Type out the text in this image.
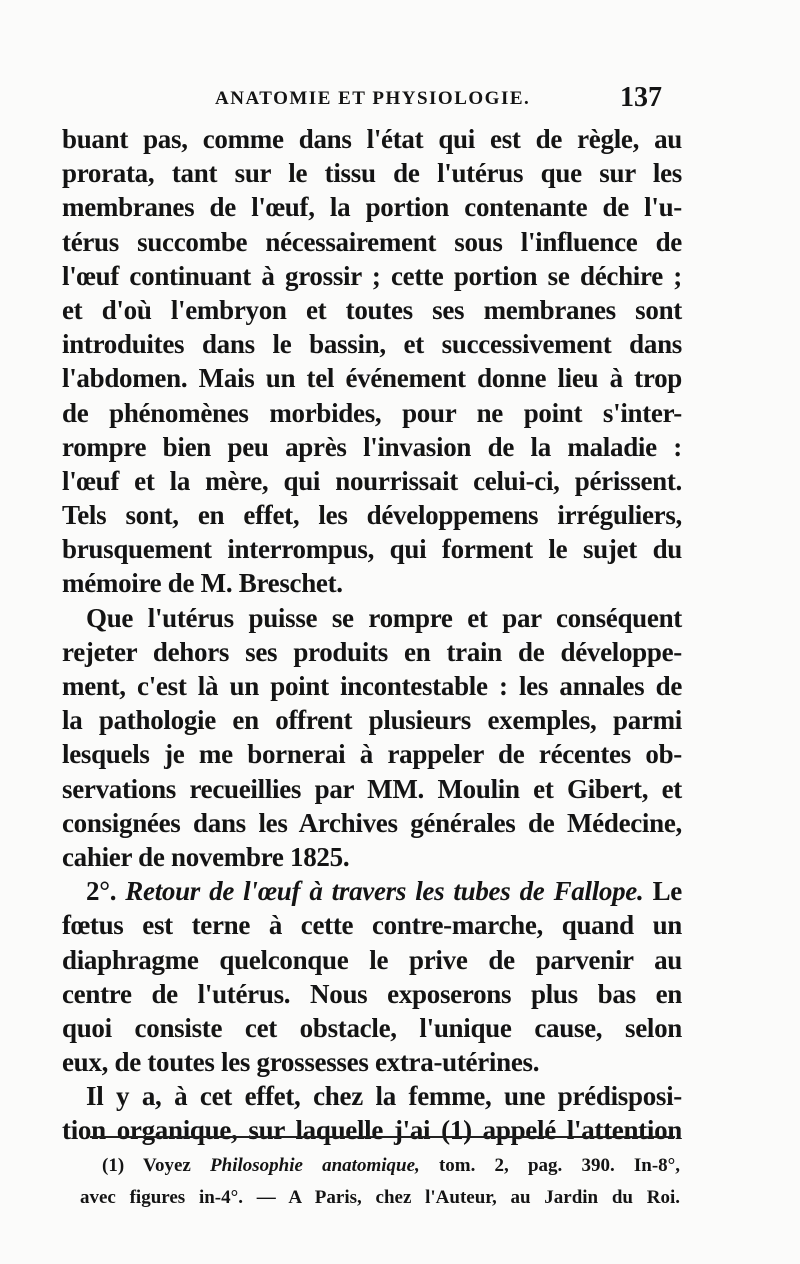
ANATOMIE ET PHYSIOLOGIE.	137
buant pas, comme dans l'état qui est de règle, au
prorata, tant sur le tissu de l'utérus que sur les
membranes de l'œuf, la portion contenante de l'u-
térus succombe nécessairement sous l'influence de
l'œuf continuant à grossir ; cette portion se déchire ;
et d'où l'embryon et toutes ses membranes sont
introduites dans le bassin, et successivement dans
l'abdomen. Mais un tel événement donne lieu à trop
de phénomènes morbides, pour ne point s'inter-
rompre bien peu après l'invasion de la maladie :
l'œuf et la mère, qui nourrissait celui-ci, périssent.
Tels sont, en effet, les développemens irréguliers,
brusquement interrompus, qui forment le sujet du
mémoire de M. Breschet.
Que l'utérus puisse se rompre et par conséquent
rejeter dehors ses produits en train de développe-
ment, c'est là un point incontestable : les annales de
la pathologie en offrent plusieurs exemples, parmi
lesquels je me bornerai à rappeler de récentes ob-
servations recueillies par MM. Moulin et Gibert, et
consignées dans les Archives générales de Médecine,
cahier de novembre 1825.
2°. Retour de l'œuf à travers les tubes de Fallope. Le
fœtus est terne à cette contre-marche, quand un
diaphragme quelconque le prive de parvenir au
centre de l'utérus. Nous exposerons plus bas en
quoi consiste cet obstacle, l'unique cause, selon
eux, de toutes les grossesses extra-utérines.
Il y a, à cet effet, chez la femme, une prédisposi-
tion organique, sur laquelle j'ai (1) appelé l'attention
(1) Voyez Philosophie anatomique, tom. 2, pag. 390. In-8°,
avec figures in-4°. — A Paris, chez l'Auteur, au Jardin du Roi.
